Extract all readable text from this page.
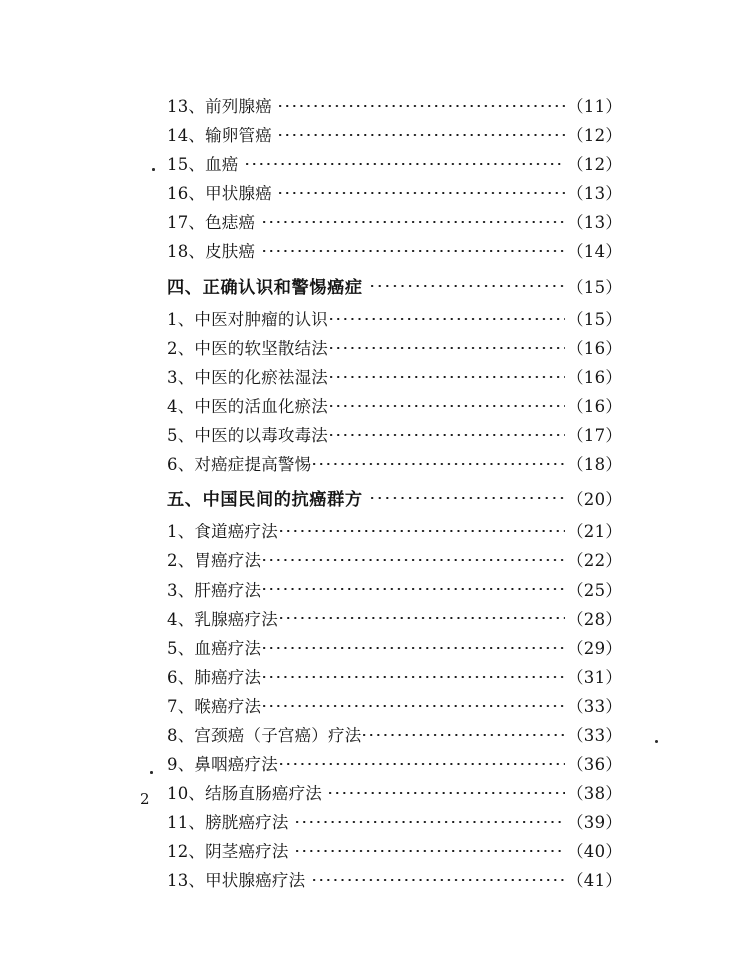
13、前列腺癌	（11）
14、输卵管癌	（12）
15、血癌	（12）
16、甲状腺癌	（13）
17、色痣癌	（13）
18、皮肤癌	（14）
四、正确认识和警惕癌症	（15）
1、中医对肿瘤的认识	（15）
2、中医的软坚散结法	（16）
3、中医的化瘀祛湿法	（16）
4、中医的活血化瘀法	（16）
5、中医的以毒攻毒法	（17）
6、对癌症提高警惕	（18）
五、中国民间的抗癌群方	（20）
1、食道癌疗法	（21）
2、胃癌疗法	（22）
3、肝癌疗法	（25）
4、乳腺癌疗法	（28）
5、血癌疗法	（29）
6、肺癌疗法	（31）
7、喉癌疗法	（33）
8、宫颈癌（子宫癌）疗法	（33）
9、鼻咽癌疗法	（36）
10、结肠直肠癌疗法	（38）
11、膀胱癌疗法	（39）
12、阴茎癌疗法	（40）
13、甲状腺癌疗法	（41）
2
